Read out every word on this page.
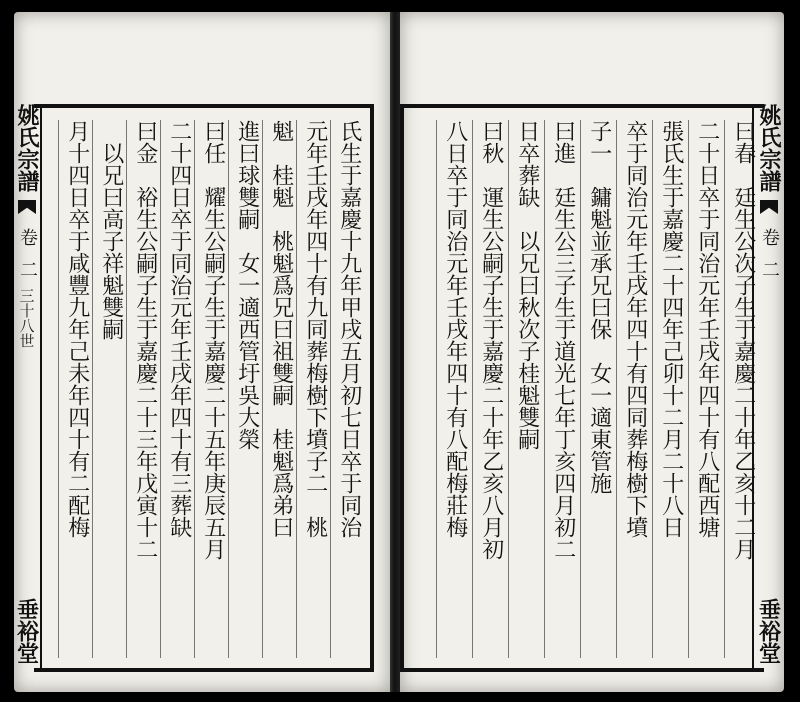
曰春　廷生公次子生于嘉慶二十年乙亥十二月
二十日卒于同治元年壬戌年四十有八配西塘
張氏生于嘉慶二十四年己卯十二月二十八日
卒于同治元年壬戌年四十有四同葬梅樹下墳
子一　鏞魁並承兄曰保　女一適東管施
曰進　廷生公三子生于道光七年丁亥四月初二
日卒葬缺　以兄曰秋次子桂魁雙嗣
曰秋　運生公嗣子生于嘉慶二十年乙亥八月初
八日卒于同治元年壬戌年四十有八配梅莊梅	姚氏宗譜
卷
二
垂裕堂
姚氏宗譜
卷
二
三十八世
垂裕堂
氏生于嘉慶十九年甲戌五月初七日卒于同治
元年壬戌年四十有九同葬梅樹下墳子二　桃
魁　桂魁　桃魁爲兄曰祖雙嗣　桂魁爲弟曰
進曰球雙嗣　女一適西管圩吳大榮
曰任　耀生公嗣子生于嘉慶二十五年庚辰五月
二十四日卒于同治元年壬戌年四十有三葬缺
曰金　裕生公嗣子生于嘉慶二十三年戊寅十二
　以兄曰高子祥魁雙嗣
月十四日卒于咸豐九年己未年四十有二配梅
